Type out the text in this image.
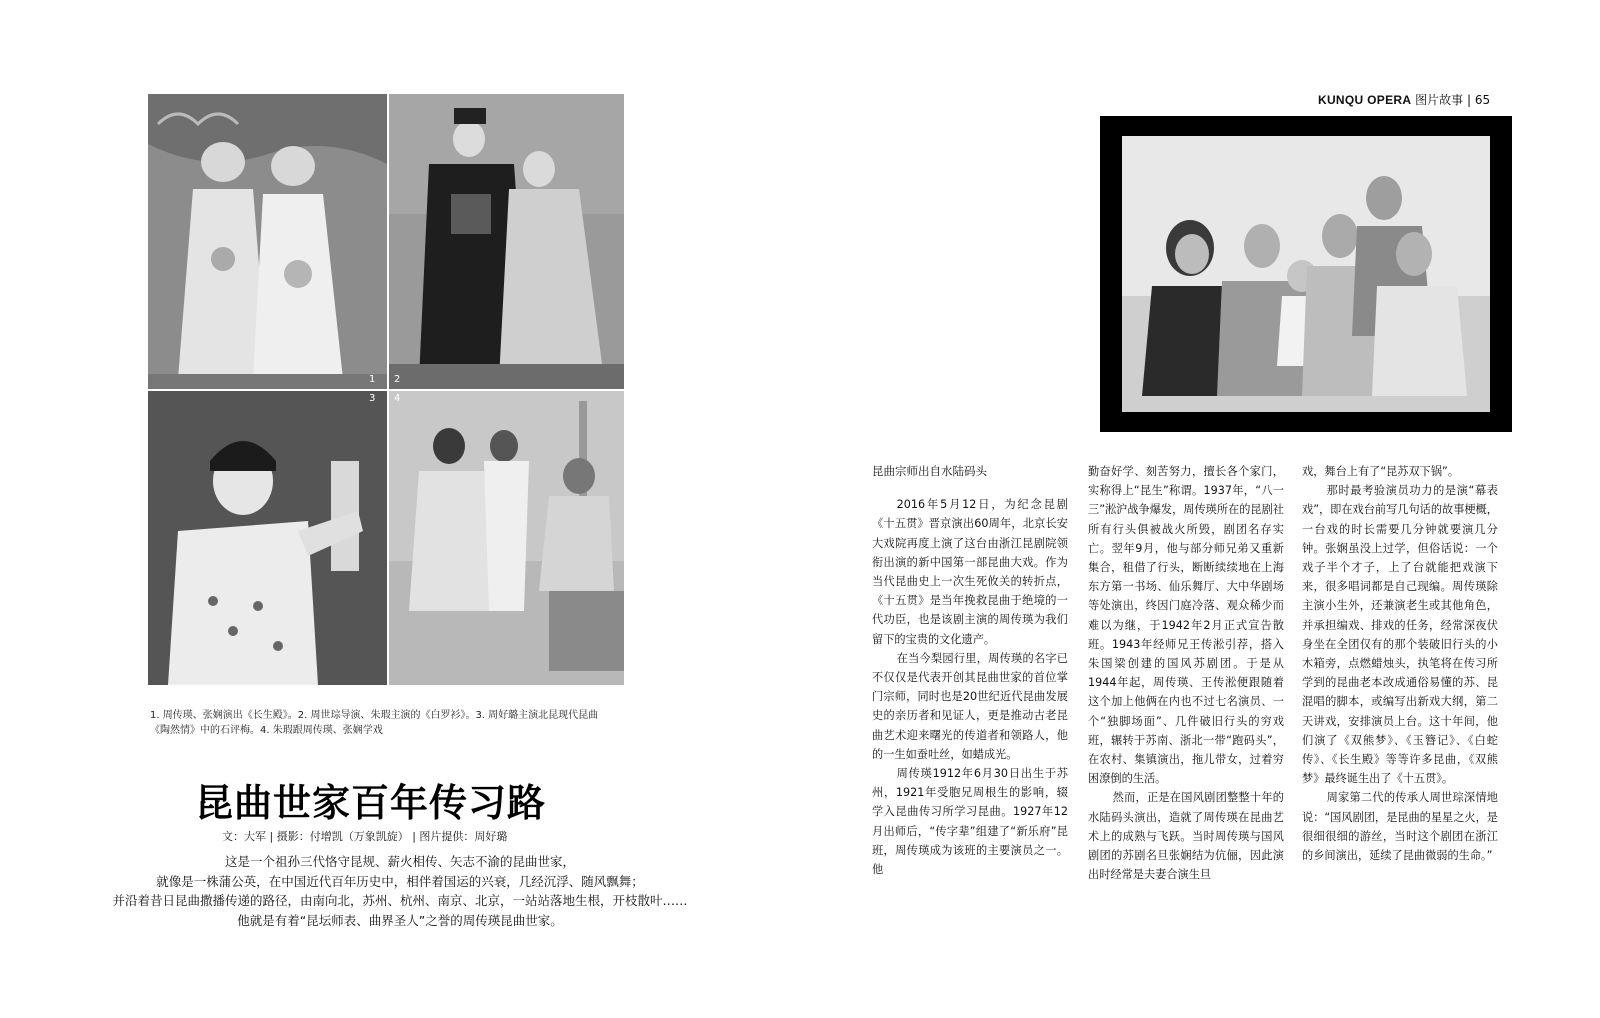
1 2
3 4
1. 周传瑛、张娴演出《长生殿》。2. 周世琮导演、朱瑕主演的《白罗衫》。3. 周好璐主演北昆现代昆曲
《陶然情》中的石评梅。4. 朱瑕跟周传瑛、张娴学戏
昆曲世家百年传习路
文：大军 | 摄影：付增凯（万象凯旋） | 图片提供：周好璐
这是一个祖孙三代恪守昆规、薪火相传、矢志不渝的昆曲世家，
就像是一株蒲公英，在中国近代百年历史中，相伴着国运的兴衰，几经沉浮、随风飘舞；
并沿着昔日昆曲撒播传递的路径，由南向北，苏州、杭州、南京、北京，一站站落地生根，开枝散叶……
他就是有着“昆坛师表、曲界圣人”之誉的周传瑛昆曲世家。
KUNQU OPERA 图片故事 | 65

昆曲宗师出自水陆码头

2016年5月12日，为纪念昆剧《十五贯》晋京演出60周年，北京长安大戏院再度上演了这台由浙江昆剧院领衔出演的新中国第一部昆曲大戏。作为当代昆曲史上一次生死攸关的转折点，《十五贯》是当年挽救昆曲于绝境的一代功臣，也是该剧主演的周传瑛为我们留下的宝贵的文化遗产。

在当今梨园行里，周传瑛的名字已不仅仅是代表开创其昆曲世家的首位掌门宗师，同时也是20世纪近代昆曲发展史的亲历者和见证人，更是推动古老昆曲艺术迎来曙光的传道者和领路人，他的一生如蚕吐丝，如蜡成光。

周传瑛1912年6月30日出生于苏州，1921年受胞兄周根生的影响，辍学入昆曲传习所学习昆曲。1927年12月出师后，“传字辈”组建了“新乐府”昆班，周传瑛成为该班的主要演员之一。他

勤奋好学、刻苦努力，擅长各个家门，实称得上“昆生”称谓。1937年，“八一三”淞沪战争爆发，周传瑛所在的昆剧社所有行头俱被战火所毁，剧团名存实亡。翌年9月，他与部分师兄弟又重新集合，租借了行头，断断续续地在上海东方第一书场、仙乐舞厅、大中华剧场等处演出，终因门庭冷落、观众稀少而难以为继，于1942年2月正式宣告散班。1943年经师兄王传淞引荐，搭入朱国梁创建的国风苏剧团。于是从1944年起，周传瑛、王传淞便跟随着这个加上他俩在内也不过七名演员、一个“独脚场面”、几件破旧行头的穷戏班，辗转于苏南、浙北一带“跑码头”，在农村、集镇演出，拖儿带女，过着穷困潦倒的生活。

然而，正是在国风剧团整整十年的水陆码头演出，造就了周传瑛在昆曲艺术上的成熟与飞跃。当时周传瑛与国风剧团的苏剧名旦张娴结为伉俪，因此演出时经常是夫妻合演生旦

戏，舞台上有了“昆苏双下锅”。

那时最考验演员功力的是演“幕表戏”，即在戏台前写几句话的故事梗概，一台戏的时长需要几分钟就要演几分钟。张娴虽没上过学，但俗话说：一个戏子半个才子，上了台就能把戏演下来，很多唱词都是自己现编。周传瑛除主演小生外，还兼演老生或其他角色，并承担编戏、排戏的任务，经常深夜伏身坐在全团仅有的那个装破旧行头的小木箱旁，点燃蜡烛头，执笔将在传习所学到的昆曲老本改成通俗易懂的苏、昆混唱的脚本，或编写出新戏大纲，第二天讲戏，安排演员上台。这十年间，他们演了《双熊梦》、《玉簪记》、《白蛇传》、《长生殿》等等许多昆曲，《双熊梦》最终诞生出了《十五贯》。

周家第二代的传承人周世琮深情地说：“国风剧团，是昆曲的星星之火，是很细很细的游丝，当时这个剧团在浙江的乡间演出，延续了昆曲微弱的生命。”
